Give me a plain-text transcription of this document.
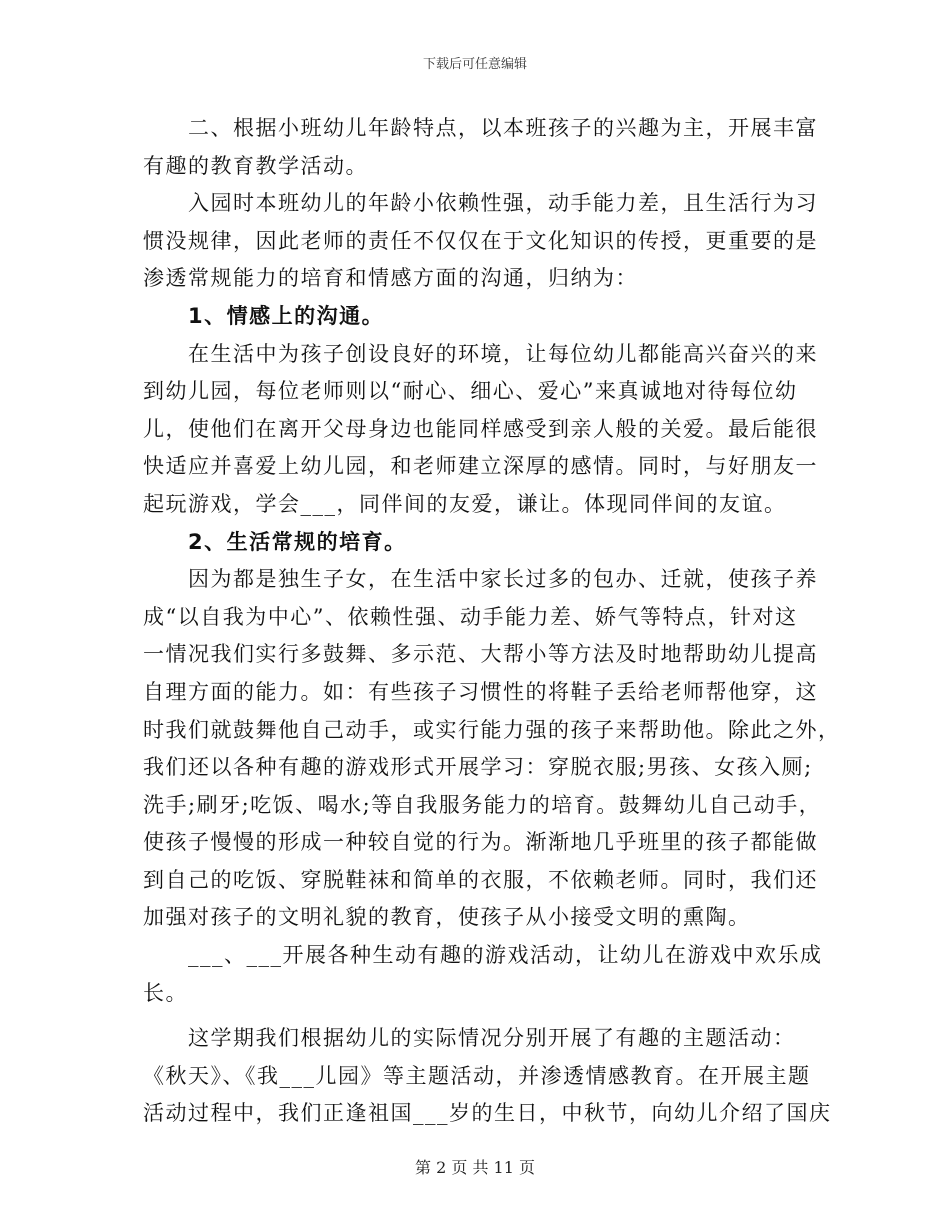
下载后可任意编辑
二、根据小班幼儿年龄特点，以本班孩子的兴趣为主，开展丰富
有趣的教育教学活动。
入园时本班幼儿的年龄小依赖性强，动手能力差，且生活行为习
惯没规律，因此老师的责任不仅仅在于文化知识的传授，更重要的是
渗透常规能力的培育和情感方面的沟通，归纳为：
1、情感上的沟通。
在生活中为孩子创设良好的环境，让每位幼儿都能高兴奋兴的来
到幼儿园，每位老师则以“耐心、细心、爱心”来真诚地对待每位幼
儿，使他们在离开父母身边也能同样感受到亲人般的关爱。最后能很
快适应并喜爱上幼儿园，和老师建立深厚的感情。同时，与好朋友一
起玩游戏，学会___，同伴间的友爱，谦让。体现同伴间的友谊。
2、生活常规的培育。
因为都是独生子女，在生活中家长过多的包办、迁就，使孩子养
成“以自我为中心”、依赖性强、动手能力差、娇气等特点，针对这
一情况我们实行多鼓舞、多示范、大帮小等方法及时地帮助幼儿提高
自理方面的能力。如：有些孩子习惯性的将鞋子丢给老师帮他穿，这
时我们就鼓舞他自己动手，或实行能力强的孩子来帮助他。除此之外，
我们还以各种有趣的游戏形式开展学习：穿脱衣服;男孩、女孩入厕;
洗手;刷牙;吃饭、喝水;等自我服务能力的培育。鼓舞幼儿自己动手，
使孩子慢慢的形成一种较自觉的行为。渐渐地几乎班里的孩子都能做
到自己的吃饭、穿脱鞋袜和简单的衣服，不依赖老师。同时，我们还
加强对孩子的文明礼貌的教育，使孩子从小接受文明的熏陶。
___、___开展各种生动有趣的游戏活动，让幼儿在游戏中欢乐成
长。
这学期我们根据幼儿的实际情况分别开展了有趣的主题活动：
《秋天》、《我___儿园》等主题活动，并渗透情感教育。在开展主题
活动过程中，我们正逢祖国___岁的生日，中秋节，向幼儿介绍了国庆
第 2 页 共 11 页
